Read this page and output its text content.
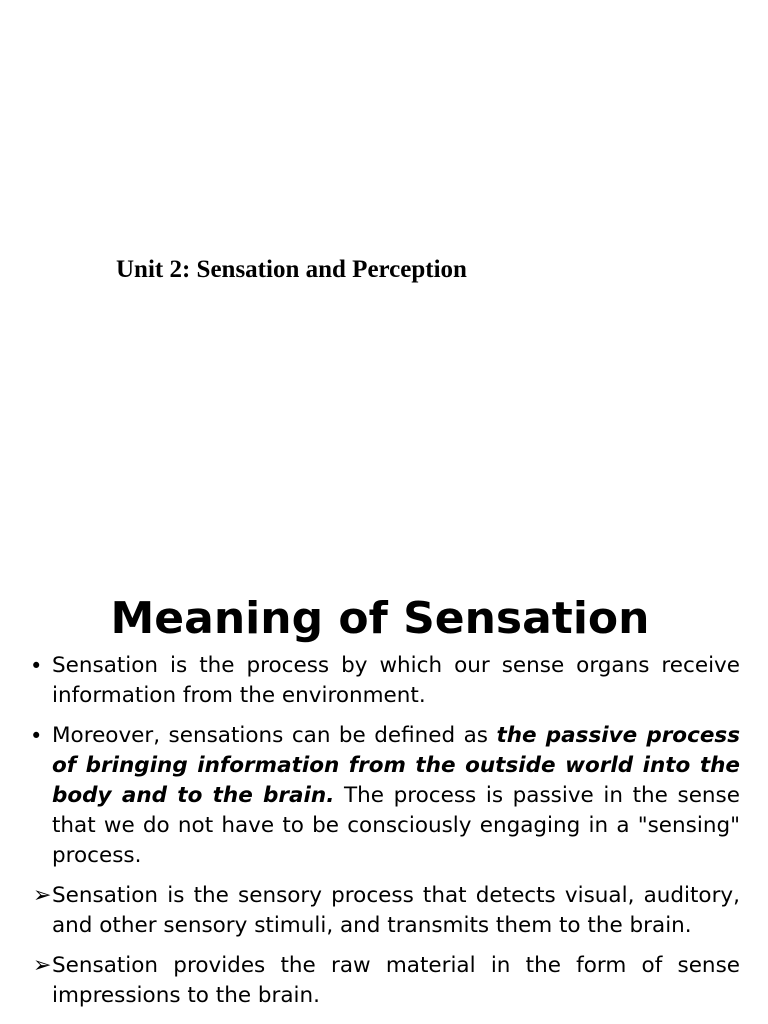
Unit 2: Sensation and Perception
Meaning of Sensation
• Sensation is the process by which our sense organs receive information from the environment.
• Moreover, sensations can be defined as the passive process of bringing information from the outside world into the body and to the brain. The process is passive in the sense that we do not have to be consciously engaging in a "sensing" process.
➢ Sensation is the sensory process that detects visual, auditory, and other sensory stimuli, and transmits them to the brain.
➢ Sensation provides the raw material in the form of sense impressions to the brain.
